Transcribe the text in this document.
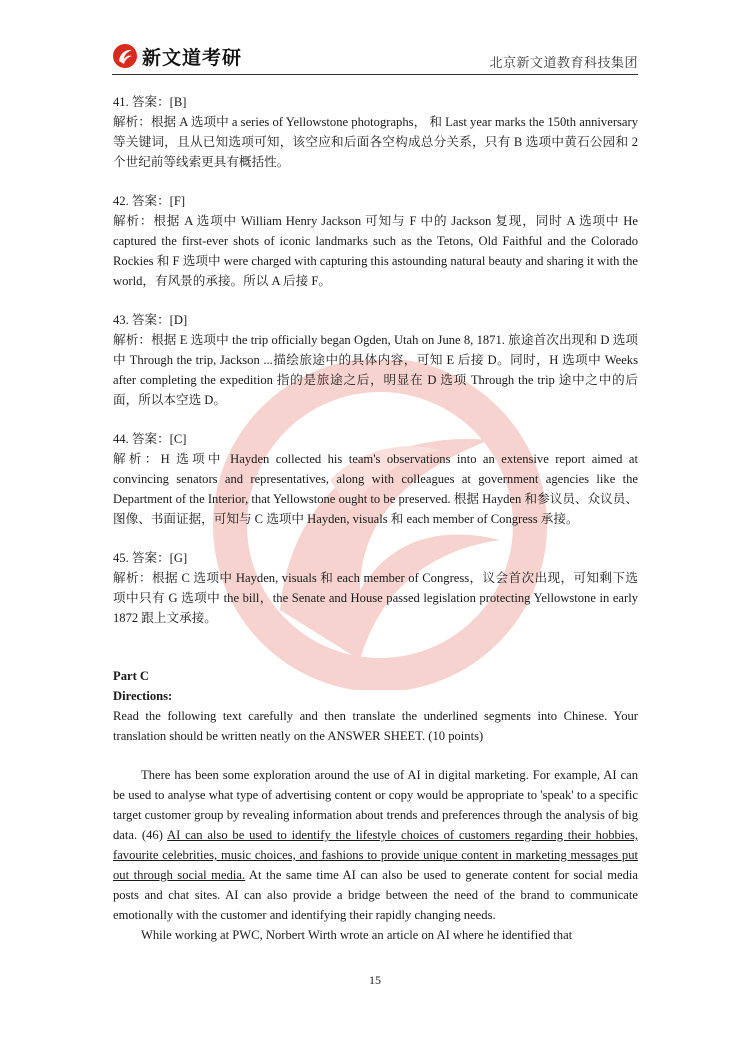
新文道考研	北京新文道教育科技集团
41. 答案：[B]
解析：根据 A 选项中 a series of Yellowstone photographs， 和 Last year marks the 150th anniversary 等关键词，且从已知选项可知，该空应和后面各空构成总分关系，只有 B 选项中黄石公园和 2 个世纪前等线索更具有概括性。
42. 答案：[F]
解析：根据 A 选项中 William Henry Jackson 可知与 F 中的 Jackson 复现，同时 A 选项中 He captured the first-ever shots of iconic landmarks such as the Tetons, Old Faithful and the Colorado Rockies 和 F 选项中 were charged with capturing this astounding natural beauty and sharing it with the world，有风景的承接。所以 A 后接 F。
43. 答案：[D]
解析：根据 E 选项中 the trip officially began Ogden, Utah on June 8, 1871. 旅途首次出现和 D 选项中 Through the trip, Jackson ...描绘旅途中的具体内容，可知 E 后接 D。同时，H 选项中 Weeks after completing the expedition 指的是旅途之后，明显在 D 选项 Through the trip 途中之中的后面，所以本空选 D。
44. 答案：[C]
解析：H 选项中 Hayden collected his team's observations into an extensive report aimed at convincing senators and representatives, along with colleagues at government agencies like the Department of the Interior, that Yellowstone ought to be preserved. 根据 Hayden 和参议员、众议员、图像、书面证据，可知与 C 选项中 Hayden, visuals 和 each member of Congress 承接。
45. 答案：[G]
解析：根据 C 选项中 Hayden, visuals 和 each member of Congress，议会首次出现，可知剩下选项中只有 G 选项中 the bill，the Senate and House passed legislation protecting Yellowstone in early 1872 跟上文承接。
Part C
Directions:
Read the following text carefully and then translate the underlined segments into Chinese. Your translation should be written neatly on the ANSWER SHEET. (10 points)

There has been some exploration around the use of AI in digital marketing. For example, AI can be used to analyse what type of advertising content or copy would be appropriate to 'speak' to a specific target customer group by revealing information about trends and preferences through the analysis of big data. (46) AI can also be used to identify the lifestyle choices of customers regarding their hobbies, favourite celebrities, music choices, and fashions to provide unique content in marketing messages put out through social media. At the same time AI can also be used to generate content for social media posts and chat sites. AI can also provide a bridge between the need of the brand to communicate emotionally with the customer and identifying their rapidly changing needs.

While working at PWC, Norbert Wirth wrote an article on AI where he identified that

15
